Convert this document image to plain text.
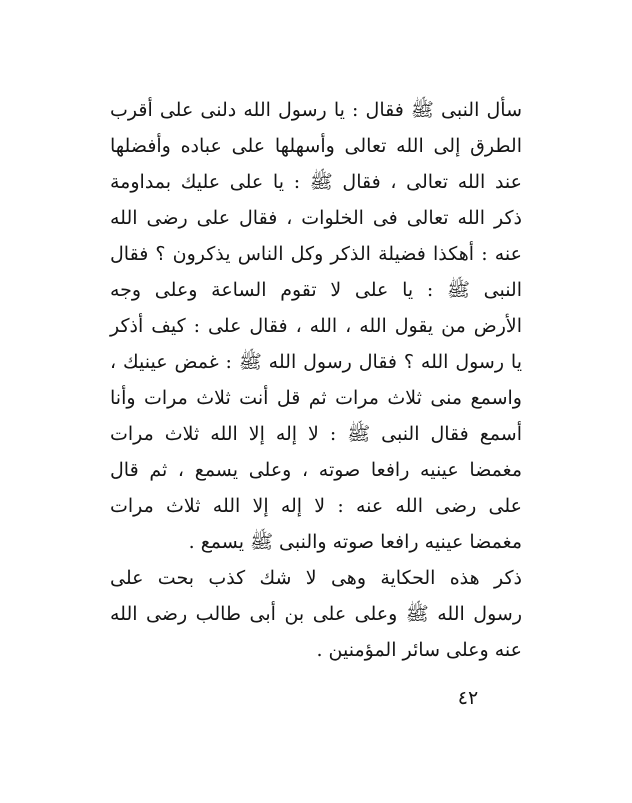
سأل النبى ﷺ فقال : يا رسول الله دلنى على أقرب
الطرق إلى الله تعالى وأسهلها على عباده وأفضلها
عند الله تعالى ، فقال ﷺ : يا على عليك بمداومة
ذكر الله تعالى فى الخلوات ، فقال على رضى الله
عنه : أهكذا فضيلة الذكر وكل الناس يذكرون ؟ فقال
النبى ﷺ : يا على لا تقوم الساعة وعلى وجه
الأرض من يقول الله ، الله ، فقال على : كيف أذكر
يا رسول الله ؟ فقال رسول الله ﷺ : غمض عينيك ،
واسمع منى ثلاث مرات ثم قل أنت ثلاث مرات وأنا
أسمع فقال النبى ﷺ : لا إله إلا الله ثلاث مرات
مغمضا عينيه رافعا صوته ، وعلى يسمع ، ثم قال
على رضى الله عنه : لا إله إلا الله ثلاث مرات
مغمضا عينيه رافعا صوته والنبى ﷺ يسمع .
ذكر هذه الحكاية وهى لا شك كذب بحت على
رسول الله ﷺ وعلى على بن أبى طالب رضى الله
عنه وعلى سائر المؤمنين .
٤٢
